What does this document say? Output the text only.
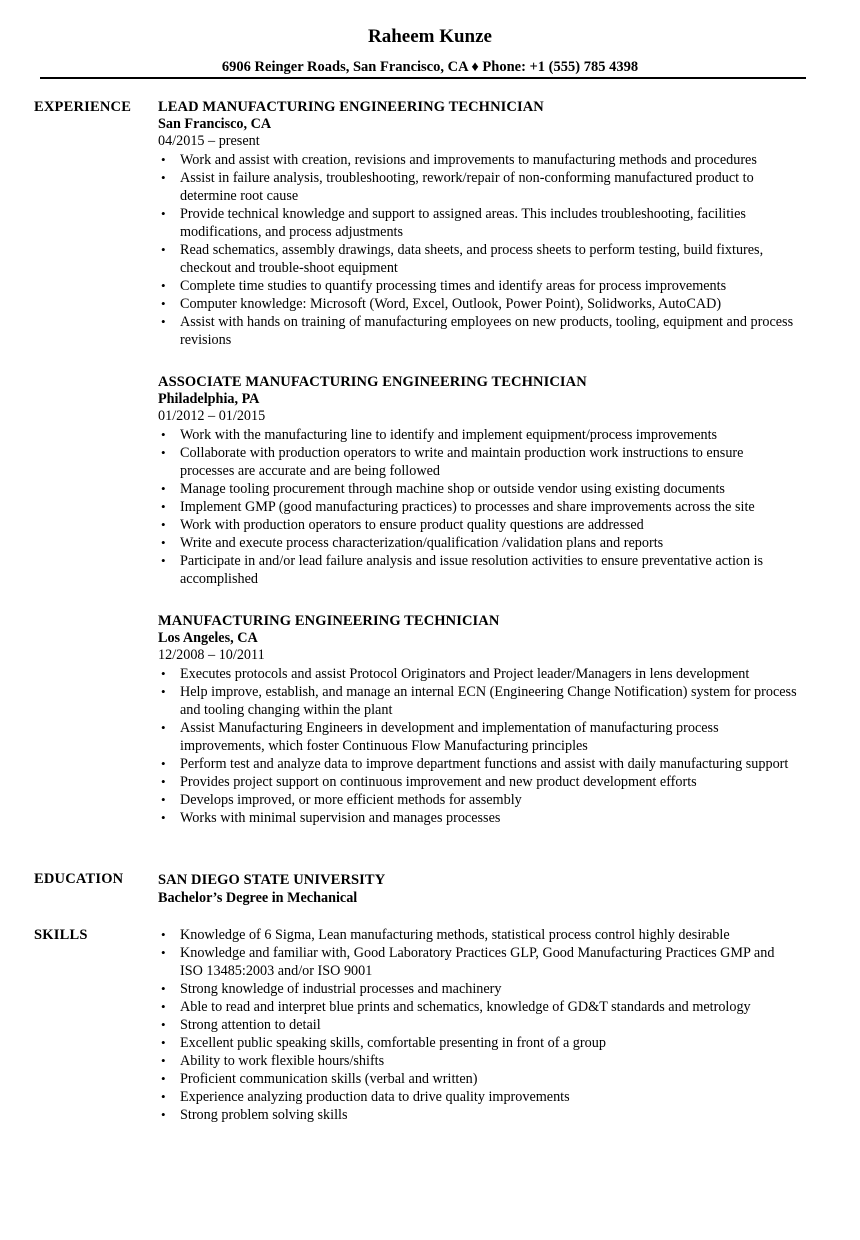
Raheem Kunze
6906 Reinger Roads, San Francisco, CA ♦ Phone: +1 (555) 785 4398
EXPERIENCE LEAD MANUFACTURING ENGINEERING TECHNICIAN
San Francisco, CA
04/2015 – present
• Work and assist with creation, revisions and improvements to manufacturing methods and procedures
• Assist in failure analysis, troubleshooting, rework/repair of non-conforming manufactured product to determine root cause
• Provide technical knowledge and support to assigned areas. This includes troubleshooting, facilities modifications, and process adjustments
• Read schematics, assembly drawings, data sheets, and process sheets to perform testing, build fixtures, checkout and trouble-shoot equipment
• Complete time studies to quantify processing times and identify areas for process improvements
• Computer knowledge: Microsoft (Word, Excel, Outlook, Power Point), Solidworks, AutoCAD)
• Assist with hands on training of manufacturing employees on new products, tooling, equipment and process revisions
ASSOCIATE MANUFACTURING ENGINEERING TECHNICIAN
Philadelphia, PA
01/2012 – 01/2015
• Work with the manufacturing line to identify and implement equipment/process improvements
• Collaborate with production operators to write and maintain production work instructions to ensure processes are accurate and are being followed
• Manage tooling procurement through machine shop or outside vendor using existing documents
• Implement GMP (good manufacturing practices) to processes and share improvements across the site
• Work with production operators to ensure product quality questions are addressed
• Write and execute process characterization/qualification /validation plans and reports
• Participate in and/or lead failure analysis and issue resolution activities to ensure preventative action is accomplished
MANUFACTURING ENGINEERING TECHNICIAN
Los Angeles, CA
12/2008 – 10/2011
• Executes protocols and assist Protocol Originators and Project leader/Managers in lens development
• Help improve, establish, and manage an internal ECN (Engineering Change Notification) system for process and tooling changing within the plant
• Assist Manufacturing Engineers in development and implementation of manufacturing process improvements, which foster Continuous Flow Manufacturing principles
• Perform test and analyze data to improve department functions and assist with daily manufacturing support
• Provides project support on continuous improvement and new product development efforts
• Develops improved, or more efficient methods for assembly
• Works with minimal supervision and manages processes
EDUCATION SAN DIEGO STATE UNIVERSITY
Bachelor’s Degree in Mechanical
SKILLS	• Knowledge of 6 Sigma, Lean manufacturing methods, statistical process control highly desirable
• Knowledge and familiar with, Good Laboratory Practices GLP, Good Manufacturing Practices GMP and ISO 13485:2003 and/or ISO 9001
• Strong knowledge of industrial processes and machinery
• Able to read and interpret blue prints and schematics, knowledge of GD&T standards and metrology
• Strong attention to detail
• Excellent public speaking skills, comfortable presenting in front of a group
• Ability to work flexible hours/shifts
• Proficient communication skills (verbal and written)
• Experience analyzing production data to drive quality improvements
• Strong problem solving skills
